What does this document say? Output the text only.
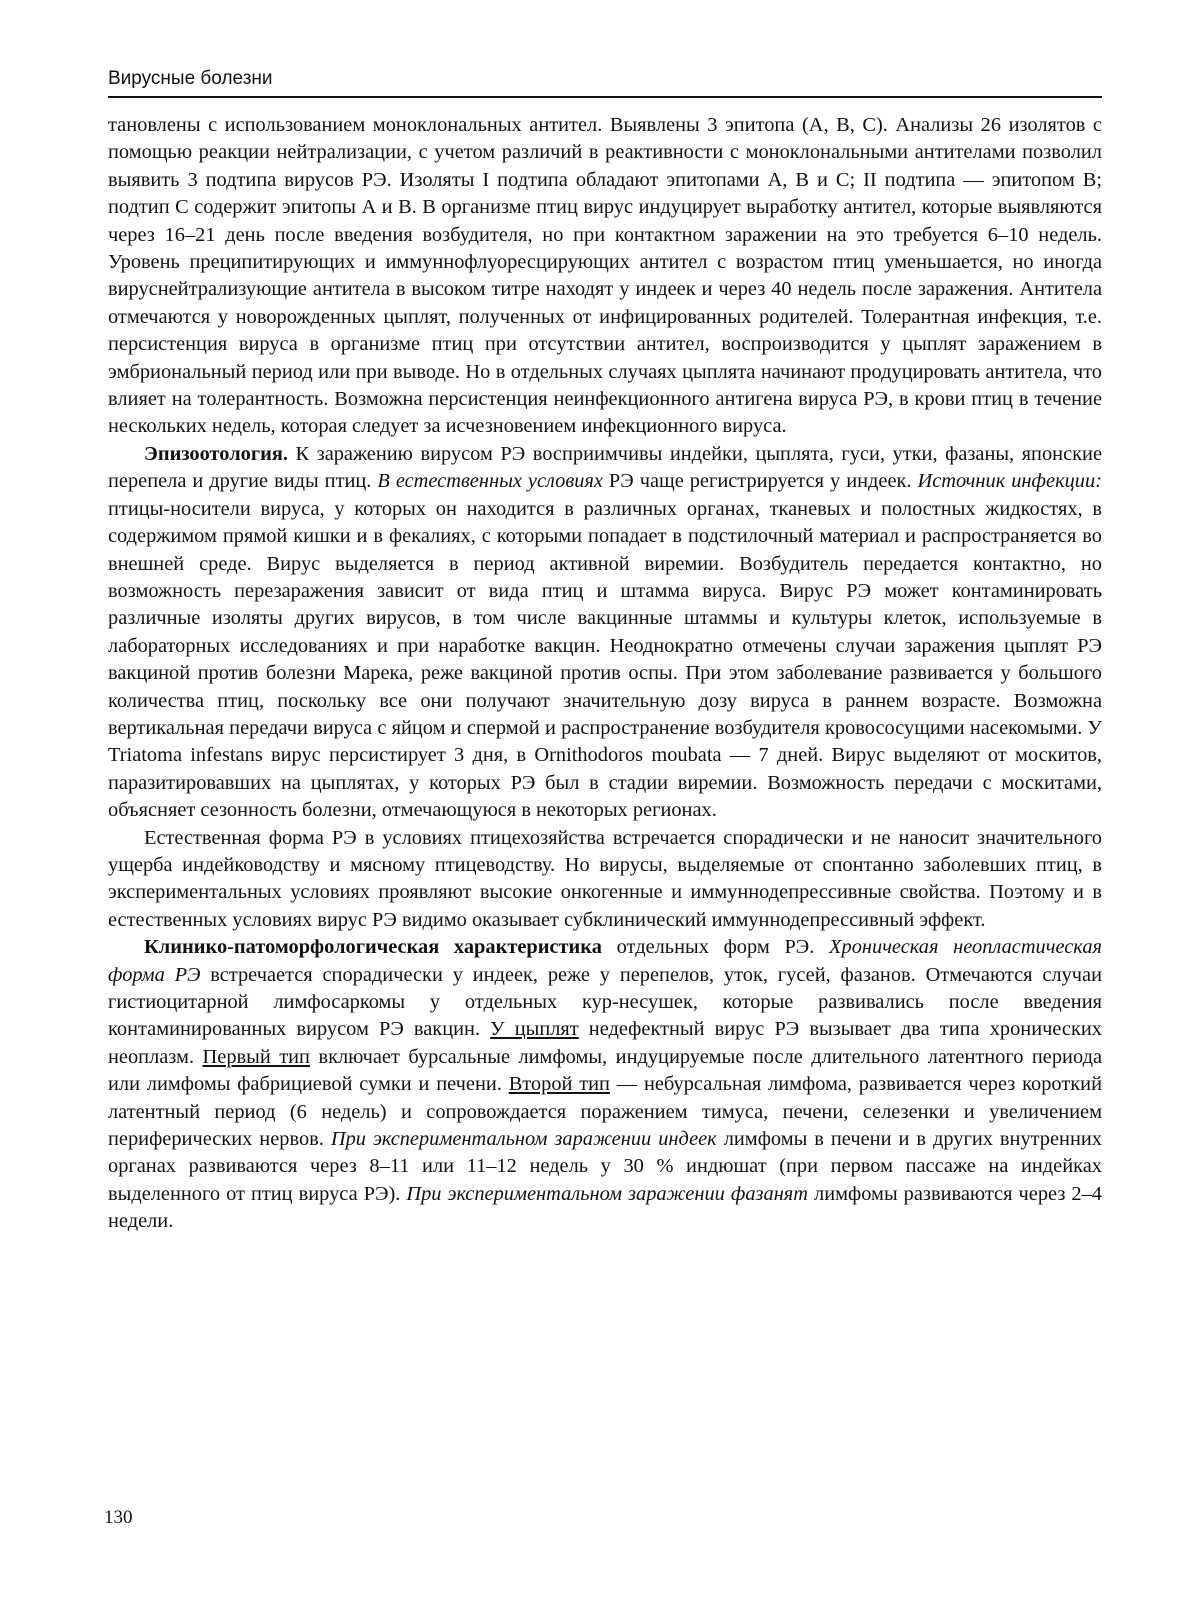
Вирусные болезни

тановлены с использованием моноклональных антител. Выявлены 3 эпитопа (А, В, С). Анализы 26 изолятов с помощью реакции нейтрализации, с учетом различий в реактивности с моноклональными антителами позволил выявить 3 подтипа вирусов РЭ. Изоляты I подтипа обладают эпитопами А, В и С; II подтипа — эпитопом В; подтип С содержит эпитопы А и В. В организме птиц вирус индуцирует выработку антител, которые выявляются через 16–21 день после введения возбудителя, но при контактном заражении на это требуется 6–10 недель. Уровень преципитирующих и иммуннофлуоресцирующих антител с возрастом птиц уменьшается, но иногда вируснейтрализующие антитела в высоком титре находят у индеек и через 40 недель после заражения. Антитела отмечаются у новорожденных цыплят, полученных от инфицированных родителей. Толерантная инфекция, т.е. персистенция вируса в организме птиц при отсутствии антител, воспроизводится у цыплят заражением в эмбриональный период или при выводе. Но в отдельных случаях цыплята начинают продуцировать антитела, что влияет на толерантность. Возможна персистенция неинфекционного антигена вируса РЭ, в крови птиц в течение нескольких недель, которая следует за исчезновением инфекционного вируса.

Эпизоотология. К заражению вирусом РЭ восприимчивы индейки, цыплята, гуси, утки, фазаны, японские перепела и другие виды птиц. В естественных условиях РЭ чаще регистрируется у индеек. Источник инфекции: птицы-носители вируса, у которых он находится в различных органах, тканевых и полостных жидкостях, в содержимом прямой кишки и в фекалиях, с которыми попадает в подстилочный материал и распространяется во внешней среде. Вирус выделяется в период активной виремии. Возбудитель передается контактно, но возможность перезаражения зависит от вида птиц и штамма вируса. Вирус РЭ может контаминировать различные изоляты других вирусов, в том числе вакцинные штаммы и культуры клеток, используемые в лабораторных исследованиях и при наработке вакцин. Неоднократно отмечены случаи заражения цыплят РЭ вакциной против болезни Марека, реже вакциной против оспы. При этом заболевание развивается у большого количества птиц, поскольку все они получают значительную дозу вируса в раннем возрасте. Возможна вертикальная передачи вируса с яйцом и спермой и распространение возбудителя кровососущими насекомыми. У Triatoma infestans вирус персистирует 3 дня, в Ornithodoros moubata — 7 дней. Вирус выделяют от москитов, паразитировавших на цыплятах, у которых РЭ был в стадии виремии. Возможность передачи с москитами, объясняет сезонность болезни, отмечающуюся в некоторых регионах.

Естественная форма РЭ в условиях птицехозяйства встречается спорадически и не наносит значительного ущерба индейководству и мясному птицеводству. Но вирусы, выделяемые от спонтанно заболевших птиц, в экспериментальных условиях проявляют высокие онкогенные и иммуннодепрессивные свойства. Поэтому и в естественных условиях вирус РЭ видимо оказывает субклинический иммуннодепрессивный эффект.

Клинико-патоморфологическая характеристика отдельных форм РЭ. Хроническая неопластическая форма РЭ встречается спорадически у индеек, реже у перепелов, уток, гусей, фазанов. Отмечаются случаи гистиоцитарной лимфосаркомы у отдельных кур-несушек, которые развивались после введения контаминированных вирусом РЭ вакцин. У цыплят недефектный вирус РЭ вызывает два типа хронических неоплазм. Первый тип включает бурсальные лимфомы, индуцируемые после длительного латентного периода или лимфомы фабрициевой сумки и печени. Второй тип — небурсальная лимфома, развивается через короткий латентный период (6 недель) и сопровождается поражением тимуса, печени, селезенки и увеличением периферических нервов. При экспериментальном заражении индеек лимфомы в печени и в других внутренних органах развиваются через 8–11 или 11–12 недель у 30 % индюшат (при первом пассаже на индейках выделенного от птиц вируса РЭ). При экспериментальном заражении фазанят лимфомы развиваются через 2–4 недели.

130
